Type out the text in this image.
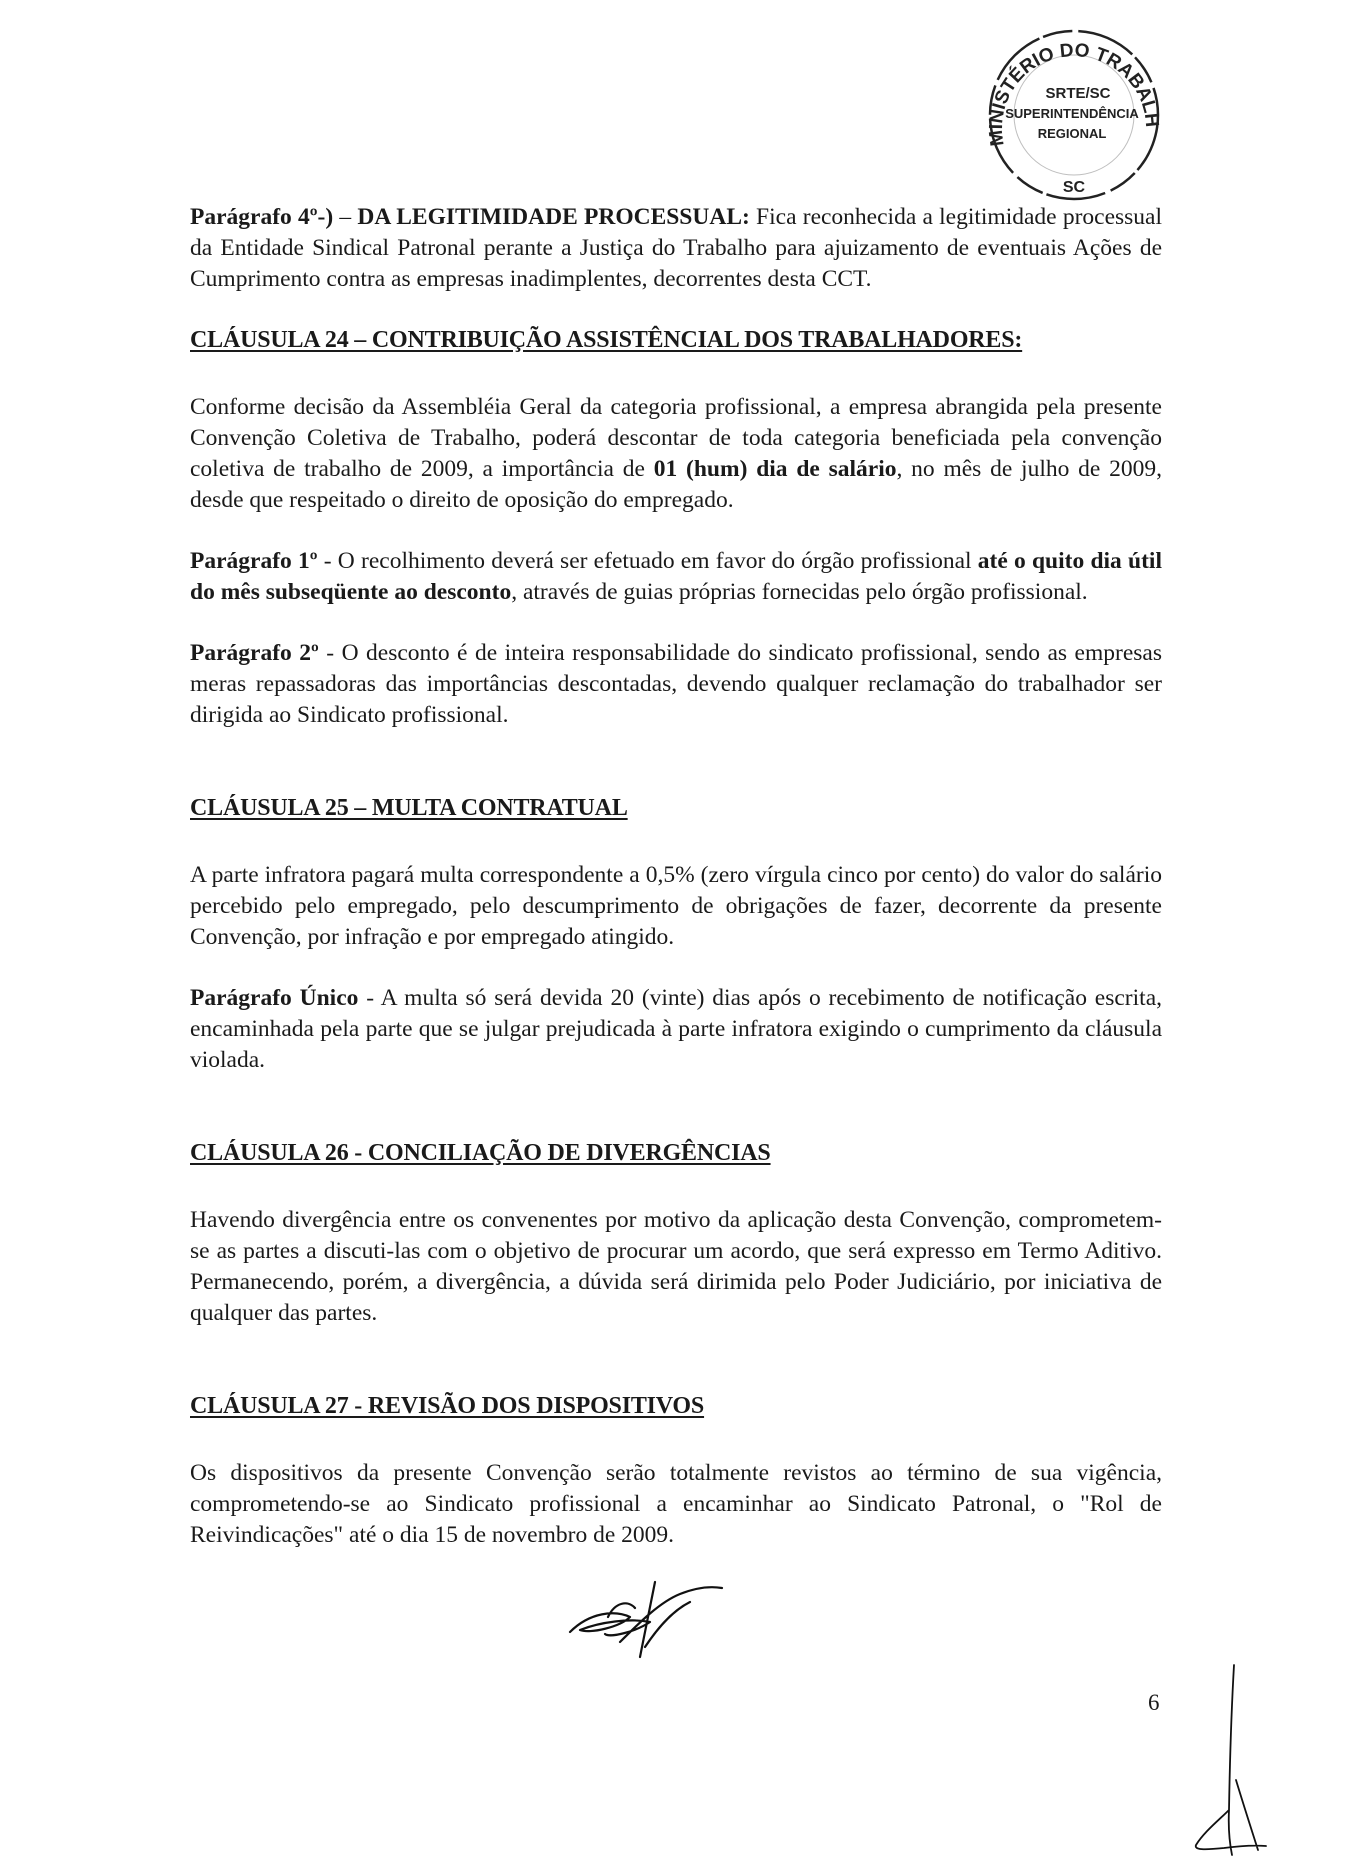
MINISTÉRIO DO TRABALH
SRTE/SC
SUPERINTENDÊNCIA
REGIONAL
SC

Parágrafo 4º-) – DA LEGITIMIDADE PROCESSUAL: Fica reconhecida a legitimidade processual da Entidade Sindical Patronal perante a Justiça do Trabalho para ajuizamento de eventuais Ações de Cumprimento contra as empresas inadimplentes, decorrentes desta CCT.

CLÁUSULA 24 – CONTRIBUIÇÃO ASSISTÊNCIAL DOS TRABALHADORES:

Conforme decisão da Assembléia Geral da categoria profissional, a empresa abrangida pela presente Convenção Coletiva de Trabalho, poderá descontar de toda categoria beneficiada pela convenção coletiva de trabalho de 2009, a importância de 01 (hum) dia de salário, no mês de julho de 2009, desde que respeitado o direito de oposição do empregado.

Parágrafo 1º - O recolhimento deverá ser efetuado em favor do órgão profissional até o quito dia útil do mês subseqüente ao desconto, através de guias próprias fornecidas pelo órgão profissional.

Parágrafo 2º - O desconto é de inteira responsabilidade do sindicato profissional, sendo as empresas meras repassadoras das importâncias descontadas, devendo qualquer reclamação do trabalhador ser dirigida ao Sindicato profissional.

CLÁUSULA 25 – MULTA CONTRATUAL

A parte infratora pagará multa correspondente a 0,5% (zero vírgula cinco por cento) do valor do salário percebido pelo empregado, pelo descumprimento de obrigações de fazer, decorrente da presente Convenção, por infração e por empregado atingido.

Parágrafo Único - A multa só será devida 20 (vinte) dias após o recebimento de notificação escrita, encaminhada pela parte que se julgar prejudicada à parte infratora exigindo o cumprimento da cláusula violada.

CLÁUSULA 26 - CONCILIAÇÃO DE DIVERGÊNCIAS

Havendo divergência entre os convenentes por motivo da aplicação desta Convenção, comprometem-se as partes a discuti-las com o objetivo de procurar um acordo, que será expresso em Termo Aditivo. Permanecendo, porém, a divergência, a dúvida será dirimida pelo Poder Judiciário, por iniciativa de qualquer das partes.

CLÁUSULA 27 - REVISÃO DOS DISPOSITIVOS

Os dispositivos da presente Convenção serão totalmente revistos ao término de sua vigência, comprometendo-se ao Sindicato profissional a encaminhar ao Sindicato Patronal, o "Rol de Reivindicações" até o dia 15 de novembro de 2009.

6
